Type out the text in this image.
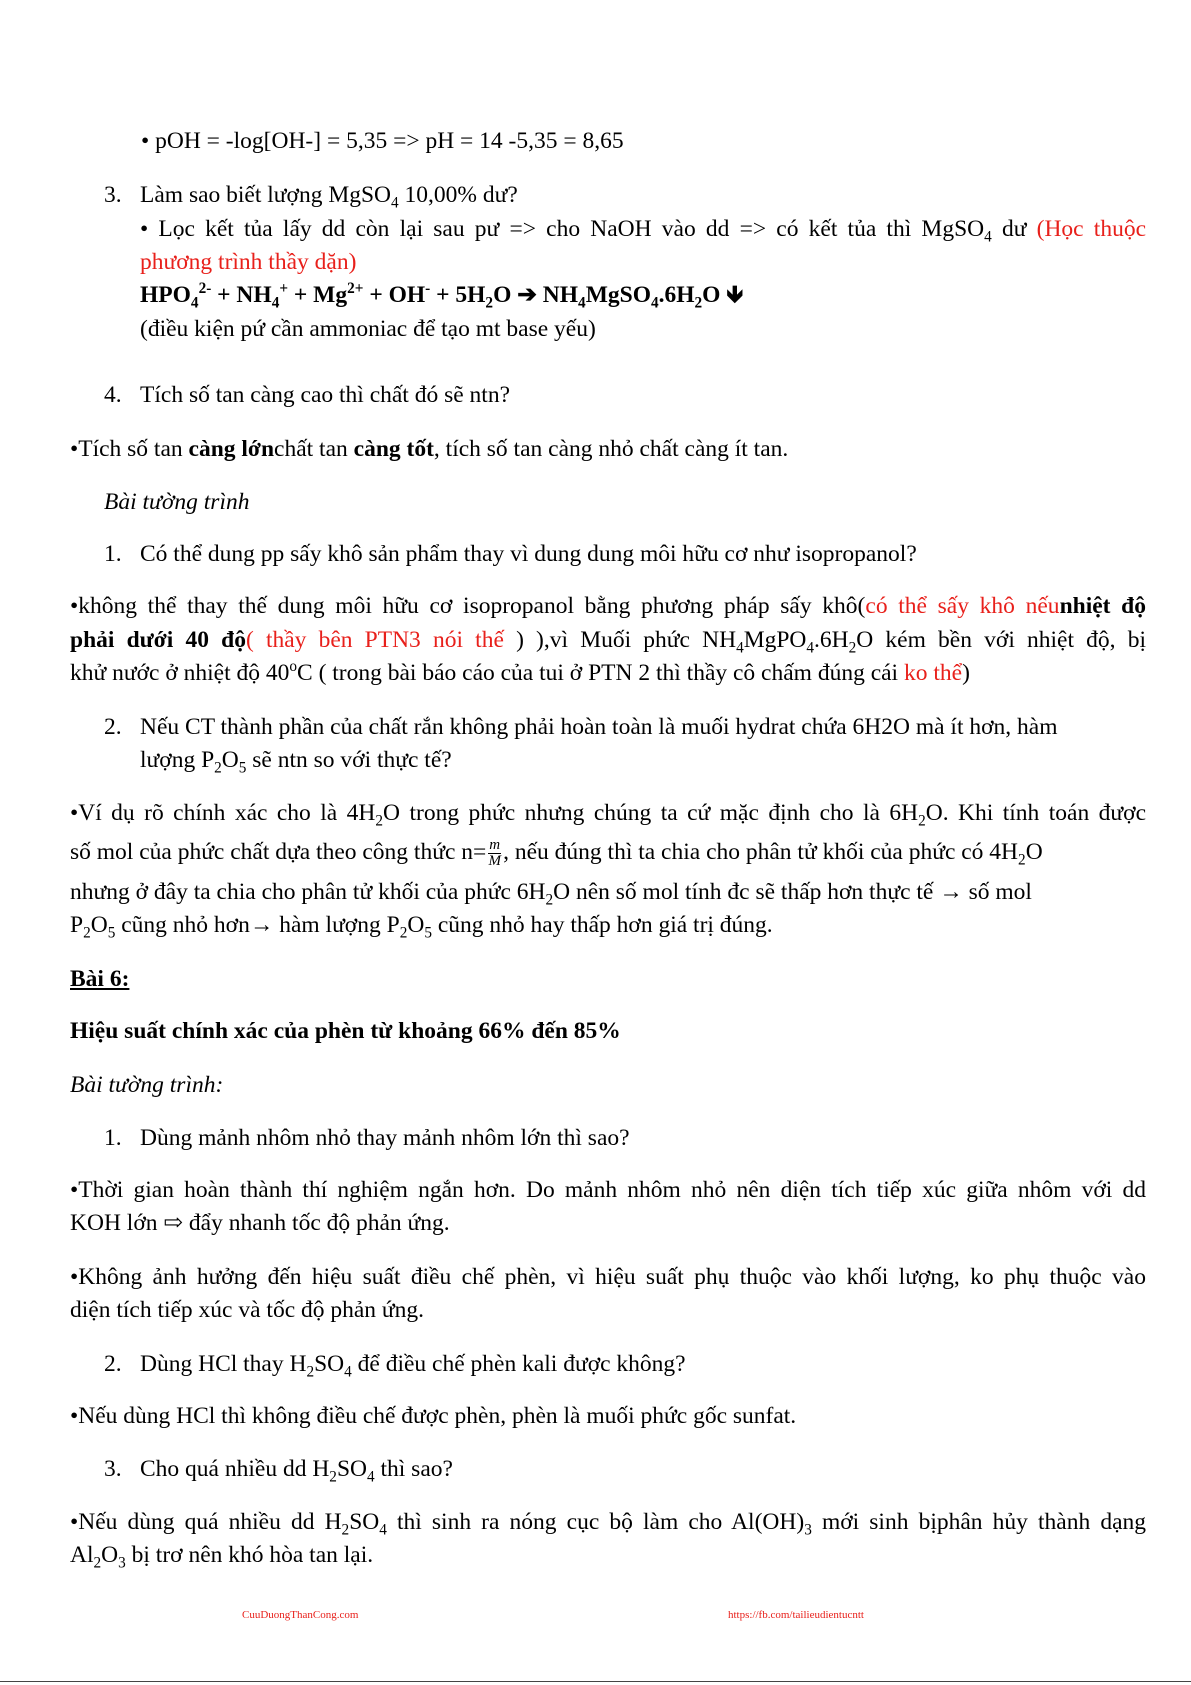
• pOH = -log[OH-] = 5,35 => pH = 14 -5,35 = 8,65
3. Làm sao biết lượng MgSO$_4$ 10,00% dư?
• Lọc kết tủa lấy dd còn lại sau pư => cho NaOH vào dd => có kết tủa thì MgSO$_4$ dư (Học thuộc
phương trình thầy dặn)
$HPO_4^{2-} + NH_4^+ + Mg^{2+} + OH^- + 5H_2O$ ➔ $NH_4MgSO_4.6H_2O$ 🡻
(điều kiện pứ cần ammoniac để tạo mt base yếu)
4. Tích số tan càng cao thì chất đó sẽ ntn?
•Tích số tan càng lớnchất tan càng tốt, tích số tan càng nhỏ chất càng ít tan.
Bài tường trình
1. Có thể dung pp sấy khô sản phẩm thay vì dung dung môi hữu cơ như isopropanol?
•không thể thay thế dung môi hữu cơ isopropanol bằng phương pháp sấy khô(có thể sấy khô nếunhiệt độ
phải dưới 40 độ( thầy bên PTN3 nói thế ) ),vì Muối phức $NH_4MgPO_4.6H_2O$ kém bền với nhiệt độ, bị
khử nước ở nhiệt độ 40$^o$C ( trong bài báo cáo của tui ở PTN 2 thì thầy cô chấm đúng cái ko thể)
2. Nếu CT thành phần của chất rắn không phải hoàn toàn là muối hydrat chứa 6H2O mà ít hơn, hàm
lượng $P_2O_5$ sẽ ntn so với thực tế?
•Ví dụ rõ chính xác cho là $4H_2O$ trong phức nhưng chúng ta cứ mặc định cho là $6H_2O$. Khi tính toán được
số mol của phức chất dựa theo công thức $n= \frac{m}{M}$ , nếu đúng thì ta chia cho phân tử khối của phức có $4H_2O$
nhưng ở đây ta chia cho phân tử khối của phức $6H_2O$ nên số mol tính đc sẽ thấp hơn thực tế → số mol
$P_2O_5$ cũng nhỏ hơn→ hàm lượng $P_2O_5$ cũng nhỏ hay thấp hơn giá trị đúng.
Bài 6:
Hiệu suất chính xác của phèn từ khoảng 66% đến 85%
Bài tường trình:
1. Dùng mảnh nhôm nhỏ thay mảnh nhôm lớn thì sao?
•Thời gian hoàn thành thí nghiệm ngắn hơn. Do mảnh nhôm nhỏ nên diện tích tiếp xúc giữa nhôm với dd
KOH lớn ⇨ đẩy nhanh tốc độ phản ứng.
•Không ảnh hưởng đến hiệu suất điều chế phèn, vì hiệu suất phụ thuộc vào khối lượng, ko phụ thuộc vào
diện tích tiếp xúc và tốc độ phản ứng.
2. Dùng HCl thay $H_2SO_4$ để điều chế phèn kali được không?
•Nếu dùng HCl thì không điều chế được phèn, phèn là muối phức gốc sunfat.
3. Cho quá nhiều dd $H_2SO_4$ thì sao?
•Nếu dùng quá nhiều dd $H_2SO_4$ thì sinh ra nóng cục bộ làm cho $Al(OH)_3$ mới sinh bịphân hủy thành dạng
$Al_2O_3$ bị trơ nên khó hòa tan lại.
CuuDuongThanCong.com	https://fb.com/tailieudientucntt
